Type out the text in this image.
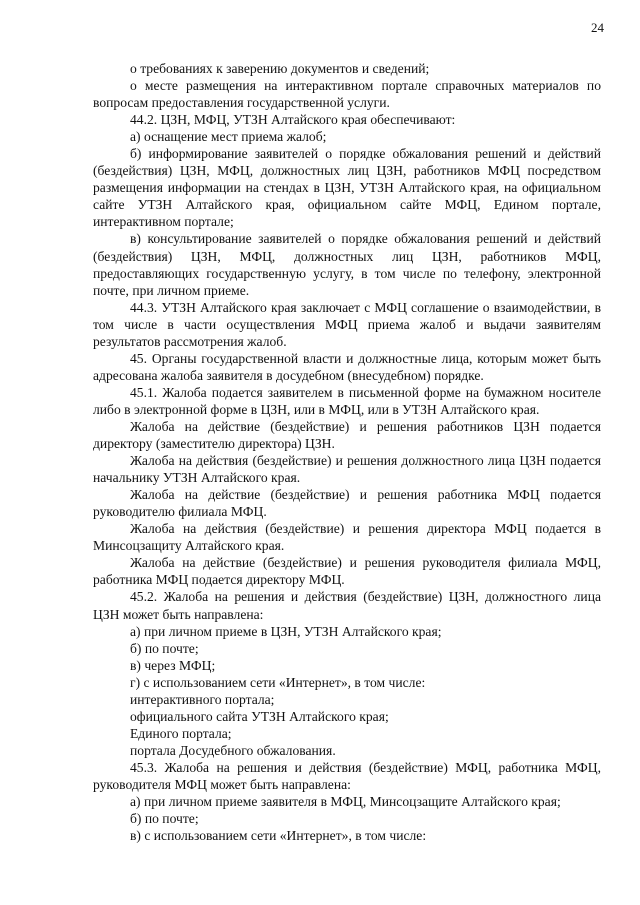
24

о требованиях к заверению документов и сведений;

о месте размещения на интерактивном портале справочных материалов по вопросам предоставления государственной услуги.

44.2. ЦЗН, МФЦ, УТЗН Алтайского края обеспечивают:

а) оснащение мест приема жалоб;

б) информирование заявителей о порядке обжалования решений и действий (бездействия) ЦЗН, МФЦ, должностных лиц ЦЗН, работников МФЦ посредством размещения информации на стендах в ЦЗН, УТЗН Алтайского края, на официальном сайте УТЗН Алтайского края, официальном сайте МФЦ, Едином портале, интерактивном портале;

в) консультирование заявителей о порядке обжалования решений и действий (бездействия) ЦЗН, МФЦ, должностных лиц ЦЗН, работников МФЦ, предоставляющих государственную услугу, в том числе по телефону, электронной почте, при личном приеме.

44.3. УТЗН Алтайского края заключает с МФЦ соглашение о взаимодействии, в том числе в части осуществления МФЦ приема жалоб и выдачи заявителям результатов рассмотрения жалоб.

45. Органы государственной власти и должностные лица, которым может быть адресована жалоба заявителя в досудебном (внесудебном) порядке.

45.1. Жалоба подается заявителем в письменной форме на бумажном носителе либо в электронной форме в ЦЗН, или в МФЦ, или в УТЗН Алтайского края.

Жалоба на действие (бездействие) и решения работников ЦЗН подается директору (заместителю директора) ЦЗН.

Жалоба на действия (бездействие) и решения должностного лица ЦЗН подается начальнику УТЗН Алтайского края.

Жалоба на действие (бездействие) и решения работника МФЦ подается руководителю филиала МФЦ.

Жалоба на действия (бездействие) и решения директора МФЦ подается в Минсоцзащиту Алтайского края.

Жалоба на действие (бездействие) и решения руководителя филиала МФЦ, работника МФЦ подается директору МФЦ.

45.2. Жалоба на решения и действия (бездействие) ЦЗН, должностного лица ЦЗН может быть направлена:

а) при личном приеме в ЦЗН, УТЗН Алтайского края;

б) по почте;

в) через МФЦ;

г) с использованием сети «Интернет», в том числе:

интерактивного портала;

официального сайта УТЗН Алтайского края;

Единого портала;

портала Досудебного обжалования.

45.3. Жалоба на решения и действия (бездействие) МФЦ, работника МФЦ, руководителя МФЦ может быть направлена:

а) при личном приеме заявителя в МФЦ, Минсоцзащите Алтайского края;

б) по почте;

в) с использованием сети «Интернет», в том числе:
